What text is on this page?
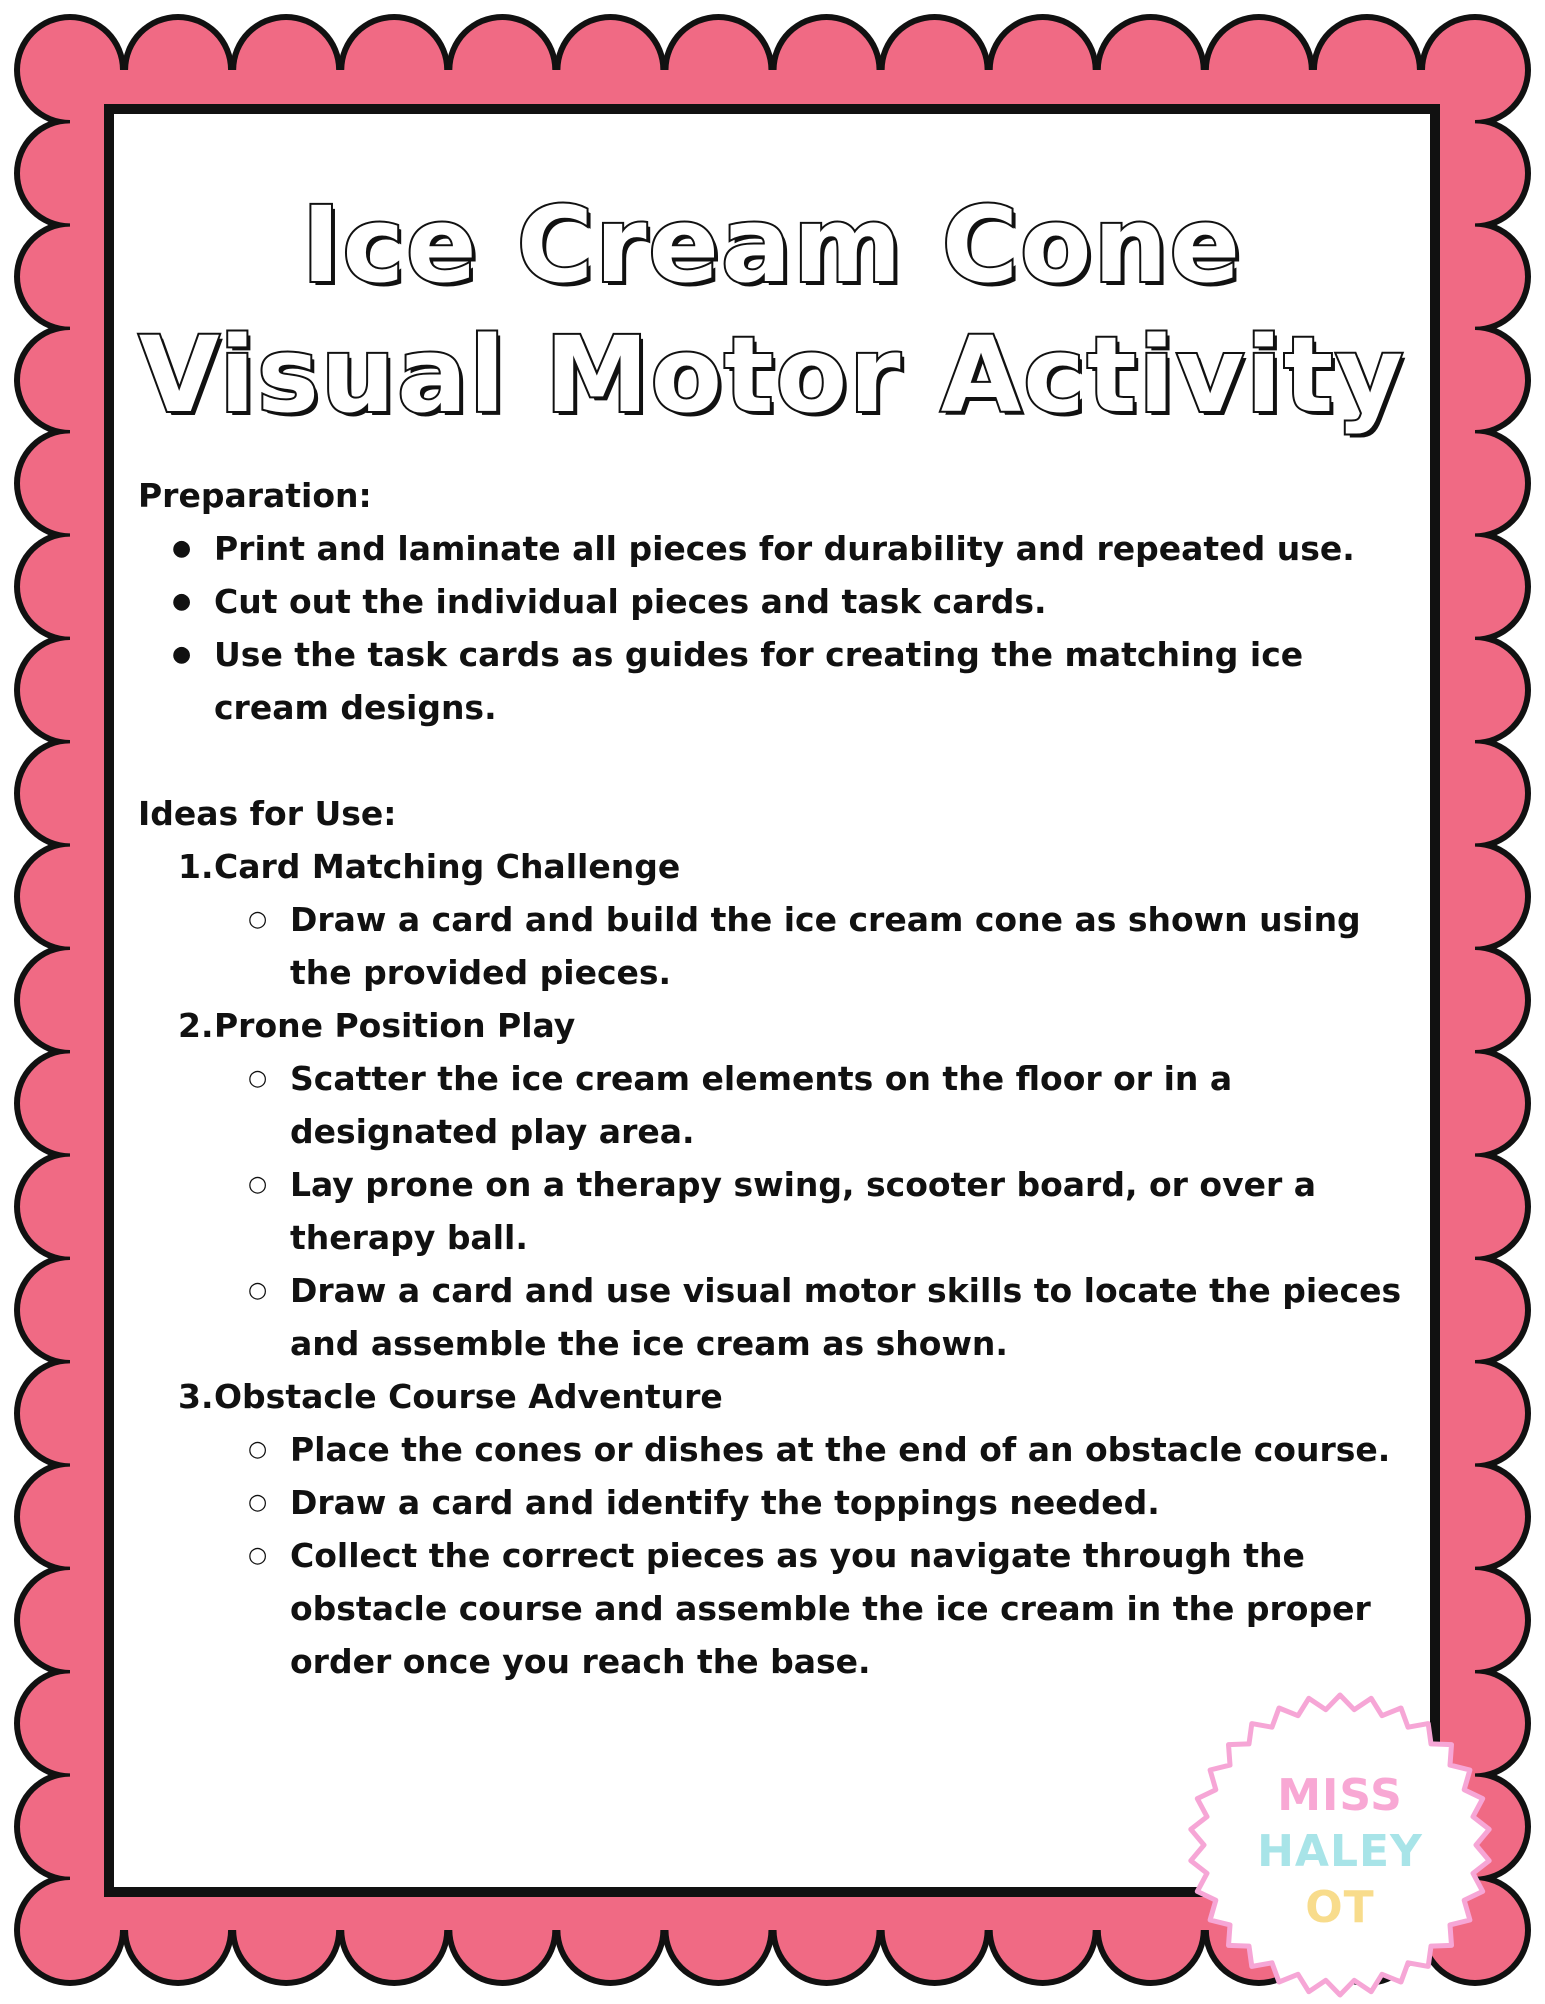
Ice Cream Cone
Visual Motor Activity

Preparation:

● Print and laminate all pieces for durability and repeated use.
● Cut out the individual pieces and task cards.
● Use the task cards as guides for creating the matching ice cream designs.

Ideas for Use:

1. Card Matching Challenge
○ Draw a card and build the ice cream cone as shown using the provided pieces.
2. Prone Position Play
○ Scatter the ice cream elements on the floor or in a designated play area.
○ Lay prone on a therapy swing, scooter board, or over a therapy ball.
○ Draw a card and use visual motor skills to locate the pieces and assemble the ice cream as shown.
3. Obstacle Course Adventure
○ Place the cones or dishes at the end of an obstacle course.
○ Draw a card and identify the toppings needed.
○ Collect the correct pieces as you navigate through the obstacle course and assemble the ice cream in the proper order once you reach the base.
MISS
HALEY
OT
